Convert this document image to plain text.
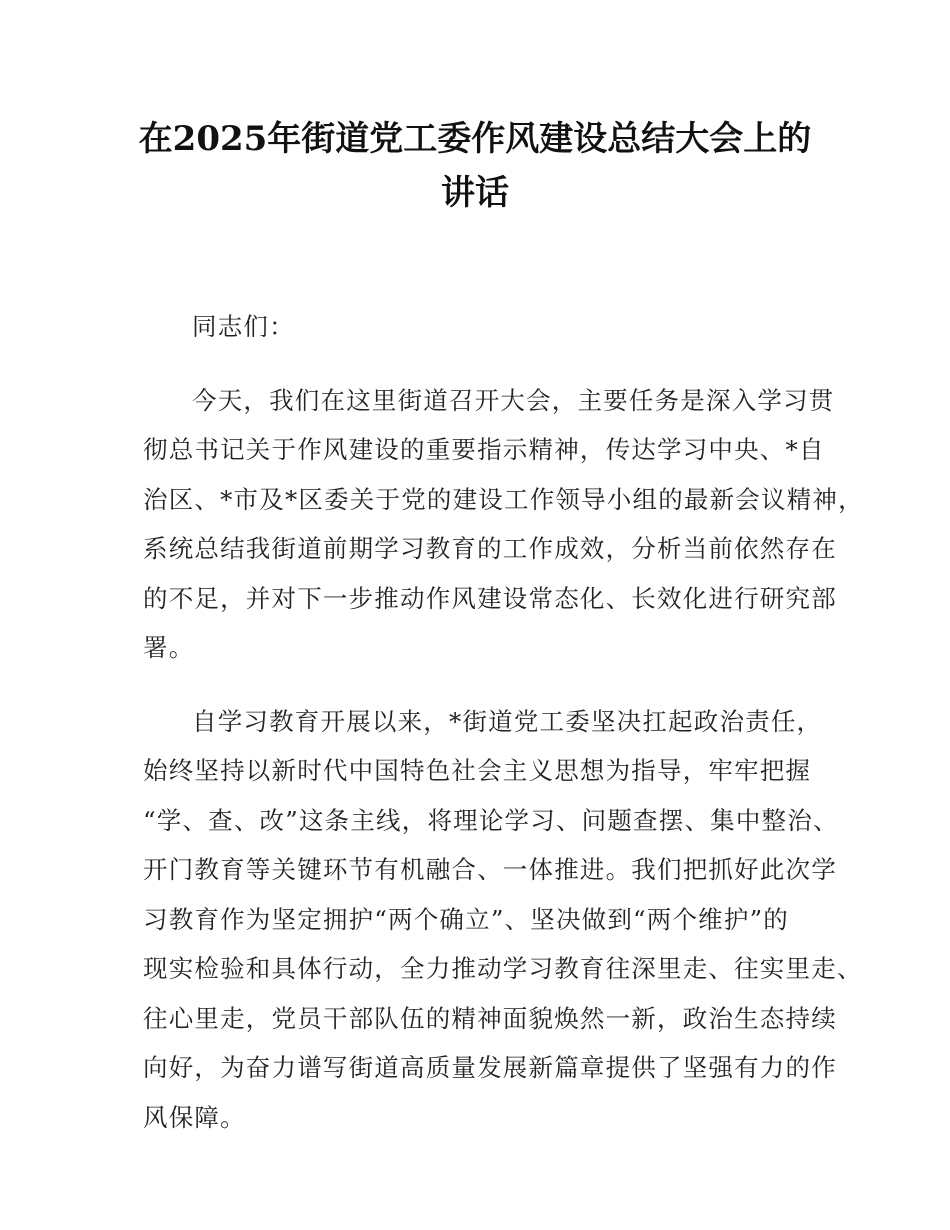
在2025年街道党工委作风建设总结大会上的
讲话
同志们：
今天，我们在这里街道召开大会，主要任务是深入学习贯
彻总书记关于作风建设的重要指示精神，传达学习中央、*自
治区、*市及*区委关于党的建设工作领导小组的最新会议精神，
系统总结我街道前期学习教育的工作成效，分析当前依然存在
的不足，并对下一步推动作风建设常态化、长效化进行研究部
署。
自学习教育开展以来，*街道党工委坚决扛起政治责任，
始终坚持以新时代中国特色社会主义思想为指导，牢牢把握
“学、查、改”这条主线，将理论学习、问题查摆、集中整治、
开门教育等关键环节有机融合、一体推进。我们把抓好此次学
习教育作为坚定拥护“两个确立”、坚决做到“两个维护”的
现实检验和具体行动，全力推动学习教育往深里走、往实里走、
往心里走，党员干部队伍的精神面貌焕然一新，政治生态持续
向好，为奋力谱写街道高质量发展新篇章提供了坚强有力的作
风保障。
